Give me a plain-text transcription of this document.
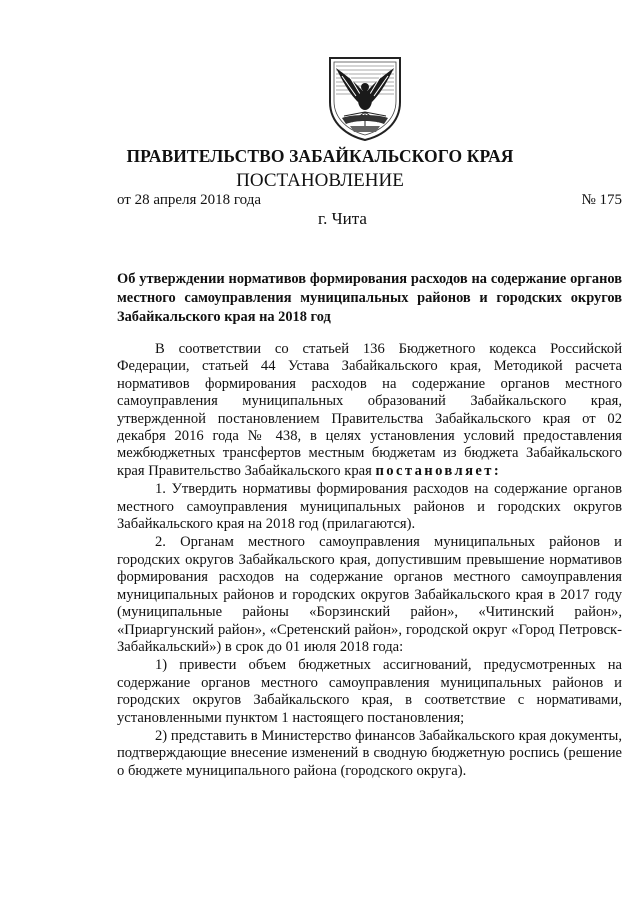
ПРАВИТЕЛЬСТВО ЗАБАЙКАЛЬСКОГО КРАЯ
ПОСТАНОВЛЕНИЕ
от 28 апреля 2018 года	№ 175
г. Чита
Об утверждении нормативов формирования расходов на содержание органов местного самоуправления муниципальных районов и городских округов Забайкальского края на 2018 год

В соответствии со статьей 136 Бюджетного кодекса Российской Федерации, статьей 44 Устава Забайкальского края, Методикой расчета нормативов формирования расходов на содержание органов местного самоуправления муниципальных образований Забайкальского края, утвержденной постановлением Правительства Забайкальского края от 02 декабря 2016 года № 438, в целях установления условий предоставления межбюджетных трансфертов местным бюджетам из бюджета Забайкальского края Правительство Забайкальского края постановляет:

1. Утвердить нормативы формирования расходов на содержание органов местного самоуправления муниципальных районов и городских округов Забайкальского края на 2018 год (прилагаются).

2. Органам местного самоуправления муниципальных районов и городских округов Забайкальского края, допустившим превышение нормативов формирования расходов на содержание органов местного самоуправления муниципальных районов и городских округов Забайкальского края в 2017 году (муниципальные районы «Борзинский район», «Читинский район», «Приаргунский район», «Сретенский район», городской округ «Город Петровск-Забайкальский») в срок до 01 июля 2018 года:

1) привести объем бюджетных ассигнований, предусмотренных на содержание органов местного самоуправления муниципальных районов и городских округов Забайкальского края, в соответствие с нормативами, установленными пунктом 1 настоящего постановления;

2) представить в Министерство финансов Забайкальского края документы, подтверждающие внесение изменений в сводную бюджетную роспись (решение о бюджете муниципального района (городского округа).
